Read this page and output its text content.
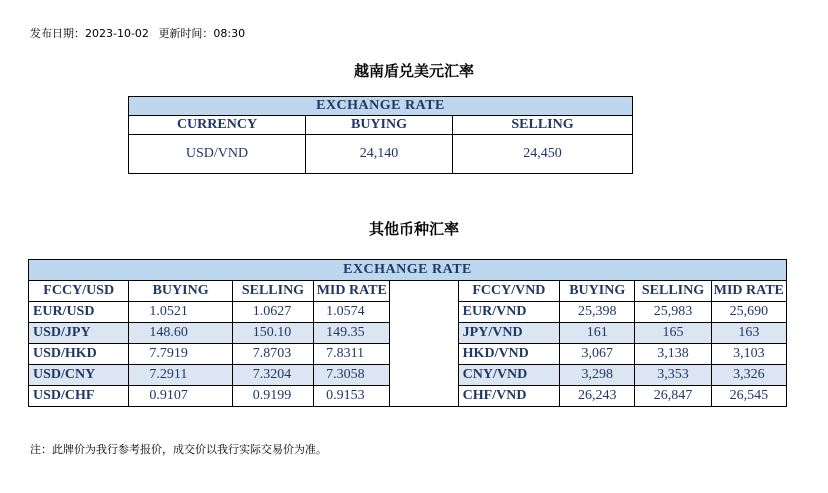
发布日期：2023-10-02 更新时间：08:30
越南盾兑美元汇率
EXCHANGE RATE		
CURRENCY	BUYING	SELLING
USD/VND	24,140	24,450
其他币种汇率
EXCHANGE RATE								
FCCY/USD	BUYING	SELLING	MID RATE		FCCY/VND	BUYING	SELLING	MID RATE
EUR/USD	1.0521	1.0627	1.0574		EUR/VND	25,398	25,983	25,690
USD/JPY	148.60	150.10	149.35		JPY/VND	161	165	163
USD/HKD	7.7919	7.8703	7.8311		HKD/VND	3,067	3,138	3,103
USD/CNY	7.2911	7.3204	7.3058		CNY/VND	3,298	3,353	3,326
USD/CHF	0.9107	0.9199	0.9153		CHF/VND	26,243	26,847	26,545
注：此牌价为我行参考报价，成交价以我行实际交易价为准。
